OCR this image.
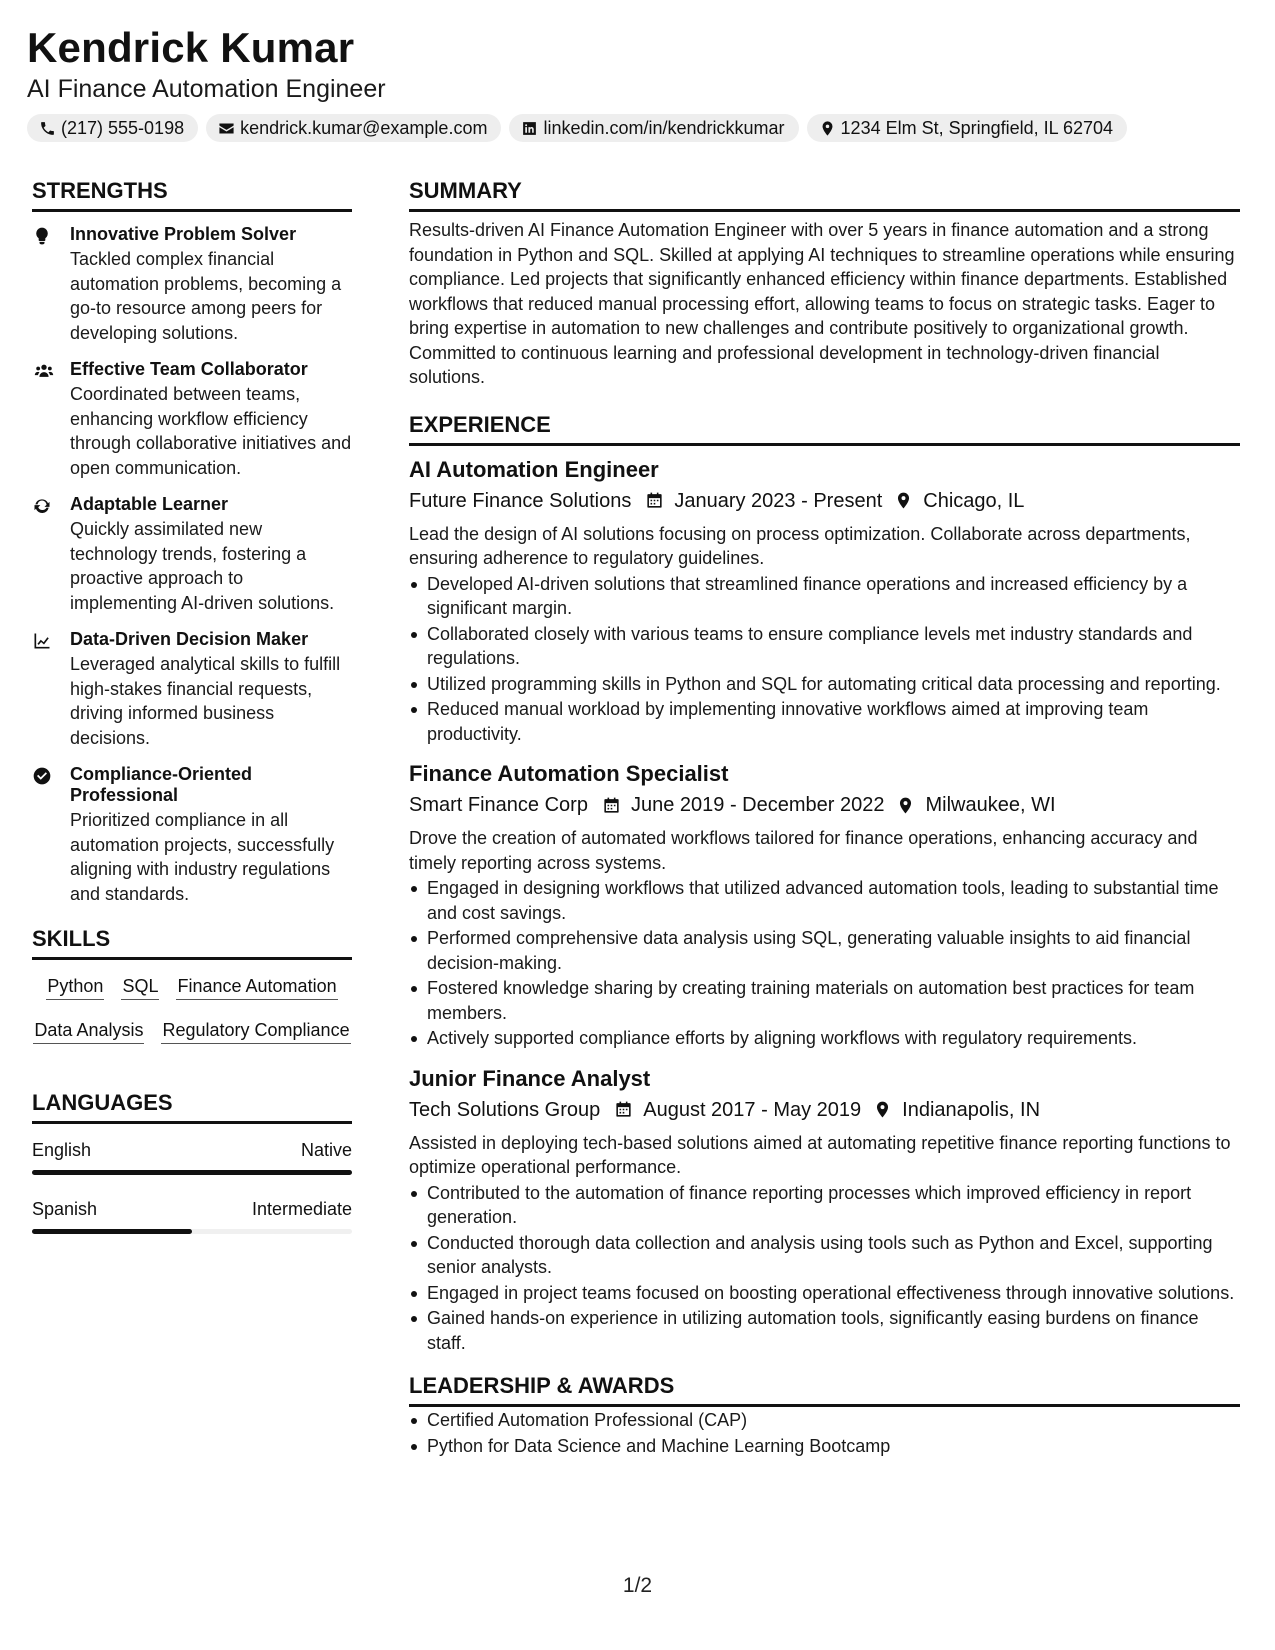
Kendrick Kumar
AI Finance Automation Engineer
(217) 555-0198	kendrick.kumar@example.com	linkedin.com/in/kendrickkumar	1234 Elm St, Springfield, IL 62704
STRENGTHS
Innovative Problem Solver
Tackled complex financial automation problems, becoming a go-to resource among peers for developing solutions.
Effective Team Collaborator
Coordinated between teams, enhancing workflow efficiency through collaborative initiatives and open communication.
Adaptable Learner
Quickly assimilated new technology trends, fostering a proactive approach to implementing AI-driven solutions.
Data-Driven Decision Maker
Leveraged analytical skills to fulfill high-stakes financial requests, driving informed business decisions.
Compliance-Oriented Professional
Prioritized compliance in all automation projects, successfully aligning with industry regulations and standards.
SKILLS
Python SQL Finance Automation
Data Analysis Regulatory Compliance
LANGUAGES
English	Native
Spanish	Intermediate
SUMMARY
Results-driven AI Finance Automation Engineer with over 5 years in finance automation and a strong foundation in Python and SQL. Skilled at applying AI techniques to streamline operations while ensuring compliance. Led projects that significantly enhanced efficiency within finance departments. Established workflows that reduced manual processing effort, allowing teams to focus on strategic tasks. Eager to bring expertise in automation to new challenges and contribute positively to organizational growth. Committed to continuous learning and professional development in technology-driven financial solutions.
EXPERIENCE
AI Automation Engineer
Future Finance Solutions January 2023 - Present Chicago, IL
Lead the design of AI solutions focusing on process optimization. Collaborate across departments, ensuring adherence to regulatory guidelines.
Developed AI-driven solutions that streamlined finance operations and increased efficiency by a significant margin.
Collaborated closely with various teams to ensure compliance levels met industry standards and regulations.
Utilized programming skills in Python and SQL for automating critical data processing and reporting.
Reduced manual workload by implementing innovative workflows aimed at improving team productivity.
Finance Automation Specialist
Smart Finance Corp June 2019 - December 2022 Milwaukee, WI
Drove the creation of automated workflows tailored for finance operations, enhancing accuracy and timely reporting across systems.
Engaged in designing workflows that utilized advanced automation tools, leading to substantial time and cost savings.
Performed comprehensive data analysis using SQL, generating valuable insights to aid financial decision-making.
Fostered knowledge sharing by creating training materials on automation best practices for team members.
Actively supported compliance efforts by aligning workflows with regulatory requirements.
Junior Finance Analyst
Tech Solutions Group August 2017 - May 2019 Indianapolis, IN
Assisted in deploying tech-based solutions aimed at automating repetitive finance reporting functions to optimize operational performance.
Contributed to the automation of finance reporting processes which improved efficiency in report generation.
Conducted thorough data collection and analysis using tools such as Python and Excel, supporting senior analysts.
Engaged in project teams focused on boosting operational effectiveness through innovative solutions.
Gained hands-on experience in utilizing automation tools, significantly easing burdens on finance staff.
LEADERSHIP & AWARDS
Certified Automation Professional (CAP)
Python for Data Science and Machine Learning Bootcamp
1/2
